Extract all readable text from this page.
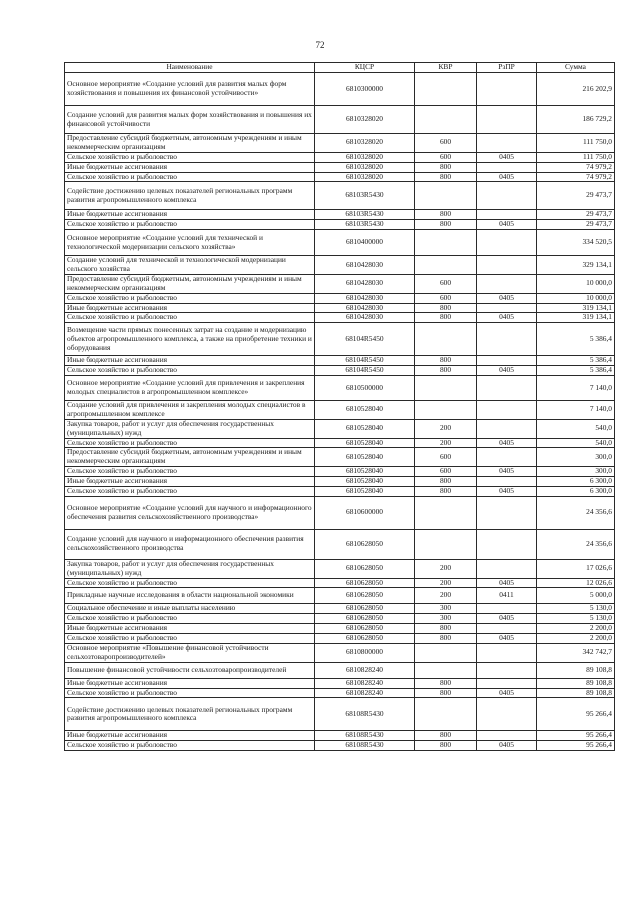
72
Наименование	КЦСР	КВР	РзПР	Сумма
Основное мероприятие «Создание условий для развития малых форм хозяйствования и повышения их финансовой устойчивости»	6810300000			216 202,9
Создание условий для развития малых форм хозяйствования и повышения их финансовой устойчивости	6810328020			186 729,2
Предоставление субсидий бюджетным, автономным учреждениям и иным некоммерческим организациям	6810328020	600		111 750,0
Сельское хозяйство и рыболовство	6810328020	600	0405	111 750,0
Иные бюджетные ассигнования	6810328020	800		74 979,2
Сельское хозяйство и рыболовство	6810328020	800	0405	74 979,2
Содействие достижению целевых показателей региональных программ развития агропромышленного комплекса	68103R5430			29 473,7
Иные бюджетные ассигнования	68103R5430	800		29 473,7
Сельское хозяйство и рыболовство	68103R5430	800	0405	29 473,7
Основное мероприятие «Создание условий для технической и технологической модернизации сельского хозяйства»	6810400000			334 520,5
Создание условий для технической и технологической модернизации сельского хозяйства	6810428030			329 134,1
Предоставление субсидий бюджетным, автономным учреждениям и иным некоммерческим организациям	6810428030	600		10 000,0
Сельское хозяйство и рыболовство	6810428030	600	0405	10 000,0
Иные бюджетные ассигнования	6810428030	800		319 134,1
Сельское хозяйство и рыболовство	6810428030	800	0405	319 134,1
Возмещение части прямых понесенных затрат на создание и модернизацию объектов агропромышленного комплекса, а также на приобретение техники и оборудования	68104R5450			5 386,4
Иные бюджетные ассигнования	68104R5450	800		5 386,4
Сельское хозяйство и рыболовство	68104R5450	800	0405	5 386,4
Основное мероприятие «Создание условий для привлечения и закрепления молодых специалистов в агропромышленном комплексе»	6810500000			7 140,0
Создание условий для привлечения и закрепления молодых специалистов в агропромышленном комплексе	6810528040			7 140,0
Закупка товаров, работ и услуг для обеспечения государственных (муниципальных) нужд	6810528040	200		540,0
Сельское хозяйство и рыболовство	6810528040	200	0405	540,0
Предоставление субсидий бюджетным, автономным учреждениям и иным некоммерческим организациям	6810528040	600		300,0
Сельское хозяйство и рыболовство	6810528040	600	0405	300,0
Иные бюджетные ассигнования	6810528040	800		6 300,0
Сельское хозяйство и рыболовство	6810528040	800	0405	6 300,0
Основное мероприятие «Создание условий для научного и информационного обеспечения развития сельскохозяйственного производства»	6810600000			24 356,6
Создание условий для научного и информационного обеспечения развития сельскохозяйственного производства	6810628050			24 356,6
Закупка товаров, работ и услуг для обеспечения государственных (муниципальных) нужд	6810628050	200		17 026,6
Сельское хозяйство и рыболовство	6810628050	200	0405	12 026,6
Прикладные научные исследования в области национальной экономики	6810628050	200	0411	5 000,0
Социальное обеспечение и иные выплаты населению	6810628050	300		5 130,0
Сельское хозяйство и рыболовство	6810628050	300	0405	5 130,0
Иные бюджетные ассигнования	6810628050	800		2 200,0
Сельское хозяйство и рыболовство	6810628050	800	0405	2 200,0
Основное мероприятие «Повышение финансовой устойчивости сельхозтоваропроизводителей»	6810800000			342 742,7
Повышение финансовой устойчивости сельхозтоваропроизводителей	6810828240			89 108,8
Иные бюджетные ассигнования	6810828240	800		89 108,8
Сельское хозяйство и рыболовство	6810828240	800	0405	89 108,8
Содействие достижению целевых показателей региональных программ развития агропромышленного комплекса	68108R5430			95 266,4
Иные бюджетные ассигнования	68108R5430	800		95 266,4
Сельское хозяйство и рыболовство	68108R5430	800	0405	95 266,4
